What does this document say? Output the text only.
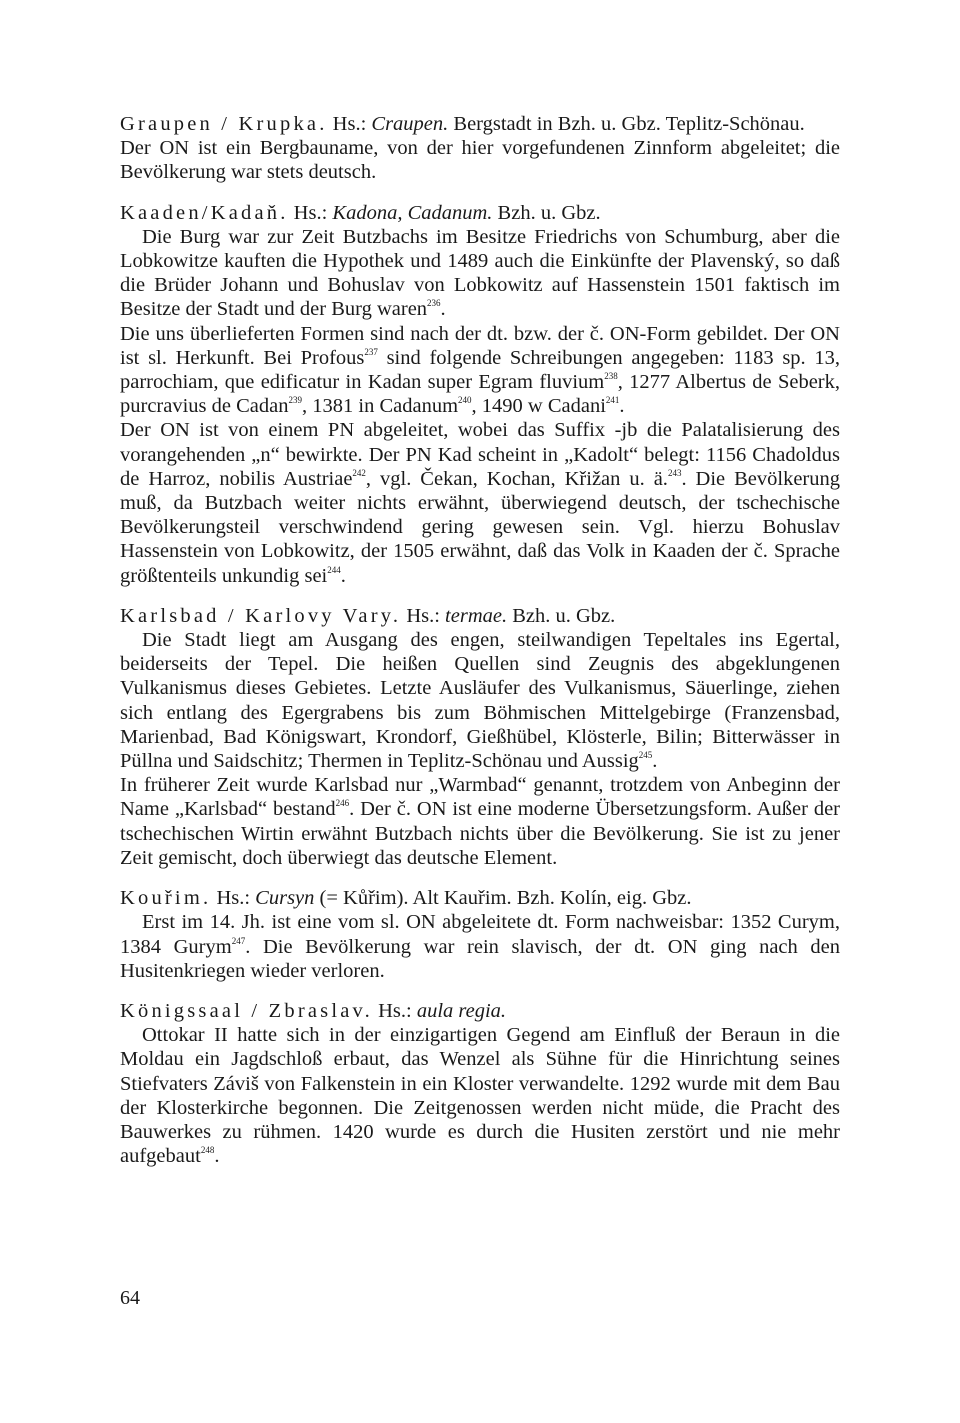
Graupen / Krupka. Hs.: Craupen. Bergstadt in Bzh. u. Gbz. Teplitz-Schönau.

Der ON ist ein Bergbauname, von der hier vorgefundenen Zinnform abgeleitet; die Bevölkerung war stets deutsch.

Kaaden/Kadaň. Hs.: Kadona, Cadanum. Bzh. u. Gbz.

Die Burg war zur Zeit Butzbachs im Besitze Friedrichs von Schumburg, aber die Lobkowitze kauften die Hypothek und 1489 auch die Einkünfte der Plavenský, so daß die Brüder Johann und Bohuslav von Lobkowitz auf Hassenstein 1501 faktisch im Besitze der Stadt und der Burg waren$^{236}$.

Die uns überlieferten Formen sind nach der dt. bzw. der č. ON-Form gebildet. Der ON ist sl. Herkunft. Bei Profous$^{237}$ sind folgende Schreibungen angegeben: 1183 sp. 13, parrochiam, que edificatur in Kadan super Egram fluvium$^{238}$, 1277 Albertus de Seberk, purcravius de Cadan$^{239}$, 1381 in Cadanum$^{240}$, 1490 w Cadani$^{241}$.

Der ON ist von einem PN abgeleitet, wobei das Suffix -jb die Palatalisierung des vorangehenden „n“ bewirkte. Der PN Kad scheint in „Kadolt“ belegt: 1156 Chadoldus de Harroz, nobilis Austriae$^{242}$, vgl. Čekan, Kochan, Křižan u. ä.$^{243}$. Die Bevölkerung muß, da Butzbach weiter nichts erwähnt, überwiegend deutsch, der tschechische Bevölkerungsteil verschwindend gering gewesen sein. Vgl. hierzu Bohuslav Hassenstein von Lobkowitz, der 1505 erwähnt, daß das Volk in Kaaden der č. Sprache größtenteils unkundig sei$^{244}$.

Karlsbad / Karlovy Vary. Hs.: termae. Bzh. u. Gbz.

Die Stadt liegt am Ausgang des engen, steilwandigen Tepeltales ins Egertal, beiderseits der Tepel. Die heißen Quellen sind Zeugnis des abgeklungenen Vulkanismus dieses Gebietes. Letzte Ausläufer des Vulkanismus, Säuerlinge, ziehen sich entlang des Egergrabens bis zum Böhmischen Mittelgebirge (Franzensbad, Marienbad, Bad Königswart, Krondorf, Gießhübel, Klösterle, Bilin; Bitterwässer in Püllna und Saidschitz; Thermen in Teplitz-Schönau und Aussig$^{245}$.

In früherer Zeit wurde Karlsbad nur „Warmbad“ genannt, trotzdem von Anbeginn der Name „Karlsbad“ bestand$^{246}$. Der č. ON ist eine moderne Übersetzungsform. Außer der tschechischen Wirtin erwähnt Butzbach nichts über die Bevölkerung. Sie ist zu jener Zeit gemischt, doch überwiegt das deutsche Element.

Kouřim. Hs.: Cursyn (= Kůřim). Alt Kauřim. Bzh. Kolín, eig. Gbz.

Erst im 14. Jh. ist eine vom sl. ON abgeleitete dt. Form nachweisbar: 1352 Curym, 1384 Gurym$^{247}$. Die Bevölkerung war rein slavisch, der dt. ON ging nach den Husitenkriegen wieder verloren.

Königssaal / Zbraslav. Hs.: aula regia.

Ottokar II hatte sich in der einzigartigen Gegend am Einfluß der Beraun in die Moldau ein Jagdschloß erbaut, das Wenzel als Sühne für die Hinrichtung seines Stiefvaters Záviš von Falkenstein in ein Kloster verwandelte. 1292 wurde mit dem Bau der Klosterkirche begonnen. Die Zeitgenossen werden nicht müde, die Pracht des Bauwerkes zu rühmen. 1420 wurde es durch die Husiten zerstört und nie mehr aufgebaut$^{248}$.

64
